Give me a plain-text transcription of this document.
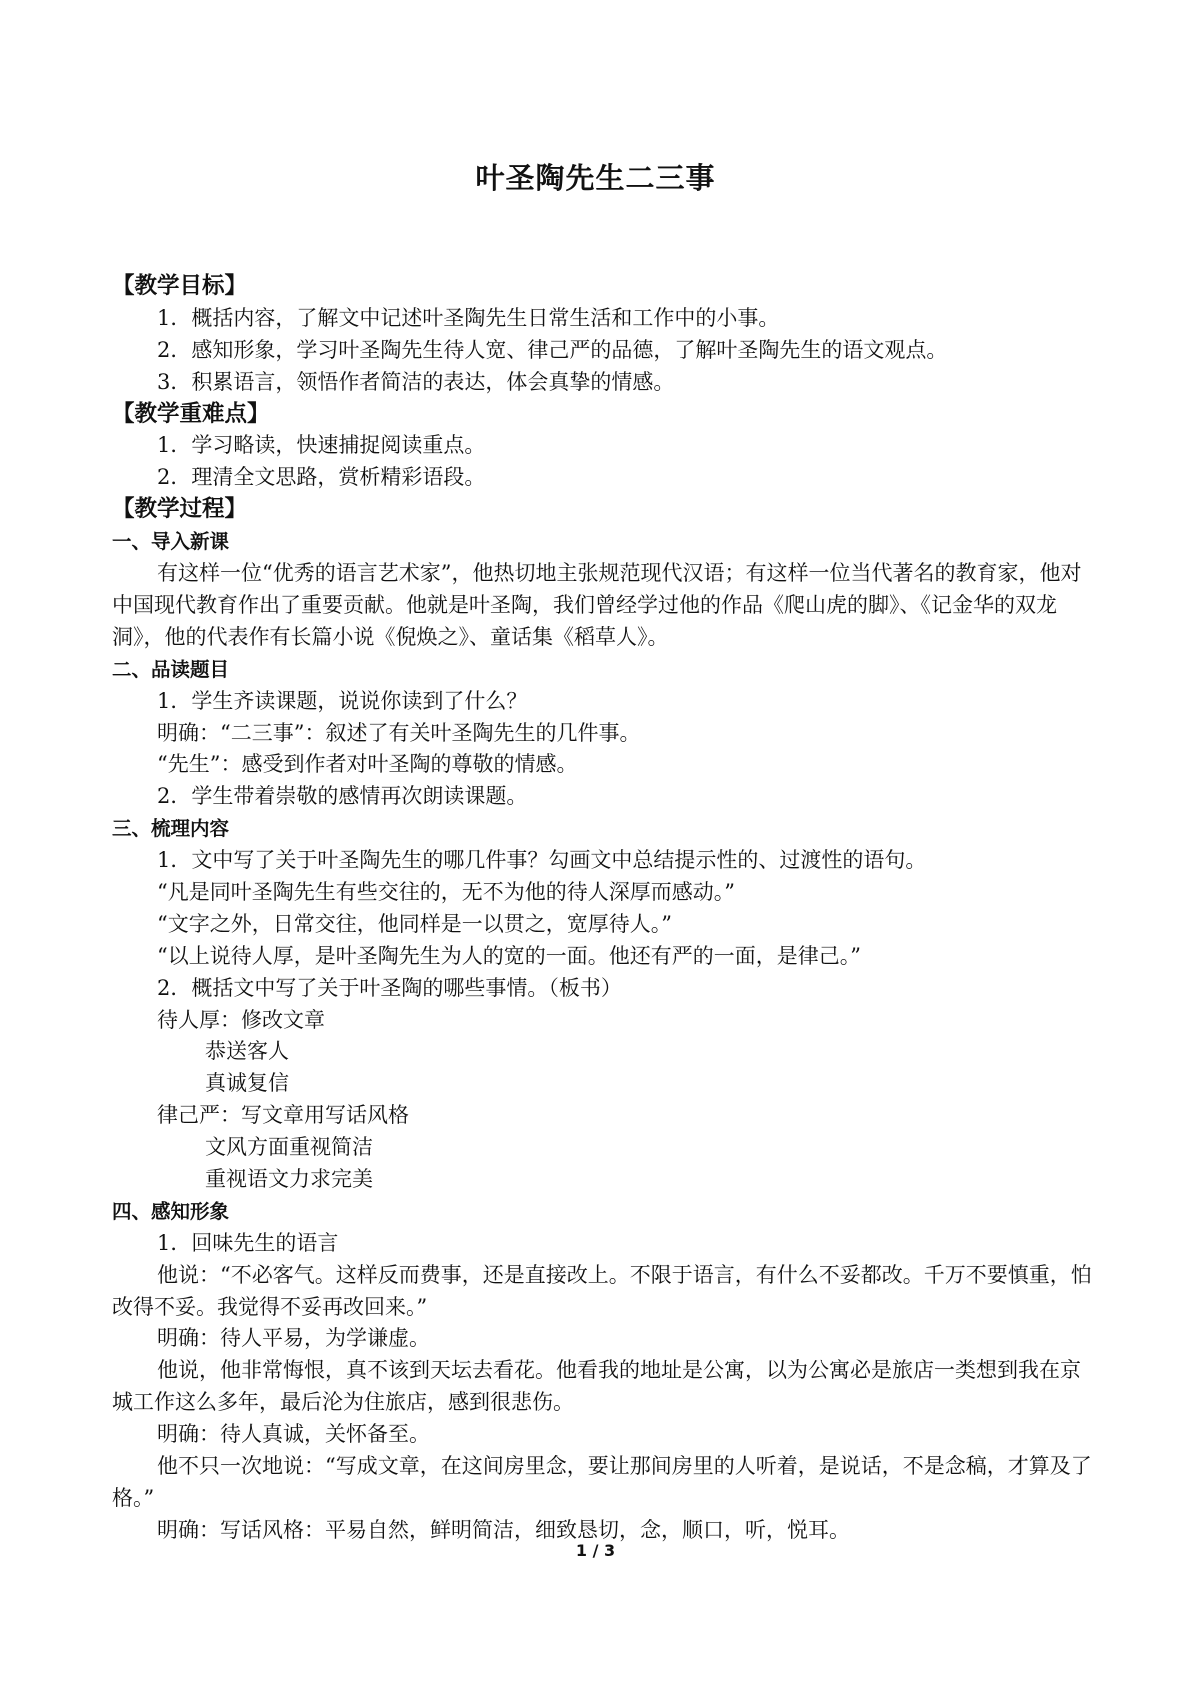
叶圣陶先生二三事
【教学目标】
1．概括内容，了解文中记述叶圣陶先生日常生活和工作中的小事。
2．感知形象，学习叶圣陶先生待人宽、律己严的品德，了解叶圣陶先生的语文观点。
3．积累语言，领悟作者简洁的表达，体会真挚的情感。
【教学重难点】
1．学习略读，快速捕捉阅读重点。
2．理清全文思路，赏析精彩语段。
【教学过程】
一、导入新课
有这样一位“优秀的语言艺术家”，他热切地主张规范现代汉语；有这样一位当代著名的教育家，他对中国现代教育作出了重要贡献。他就是叶圣陶，我们曾经学过他的作品《爬山虎的脚》、《记金华的双龙洞》，他的代表作有长篇小说《倪焕之》、童话集《稻草人》。
二、品读题目
1．学生齐读课题，说说你读到了什么？
明确：“二三事”：叙述了有关叶圣陶先生的几件事。
“先生”：感受到作者对叶圣陶的尊敬的情感。
2．学生带着崇敬的感情再次朗读课题。
三、梳理内容
1．文中写了关于叶圣陶先生的哪几件事？勾画文中总结提示性的、过渡性的语句。
“凡是同叶圣陶先生有些交往的，无不为他的待人深厚而感动。”
“文字之外，日常交往，他同样是一以贯之，宽厚待人。”
“以上说待人厚，是叶圣陶先生为人的宽的一面。他还有严的一面，是律己。”
2．概括文中写了关于叶圣陶的哪些事情。（板书）
待人厚：修改文章
恭送客人
真诚复信
律己严：写文章用写话风格
文风方面重视简洁
重视语文力求完美
四、感知形象
1．回味先生的语言
他说：“不必客气。这样反而费事，还是直接改上。不限于语言，有什么不妥都改。千万不要慎重，怕改得不妥。我觉得不妥再改回来。”
明确：待人平易，为学谦虚。
他说，他非常悔恨，真不该到天坛去看花。他看我的地址是公寓，以为公寓必是旅店一类想到我在京城工作这么多年，最后沦为住旅店，感到很悲伤。
明确：待人真诚，关怀备至。
他不只一次地说：“写成文章，在这间房里念，要让那间房里的人听着，是说话，不是念稿，才算及了格。”
明确：写话风格：平易自然，鲜明简洁，细致恳切，念，顺口，听，悦耳。
1 / 3
